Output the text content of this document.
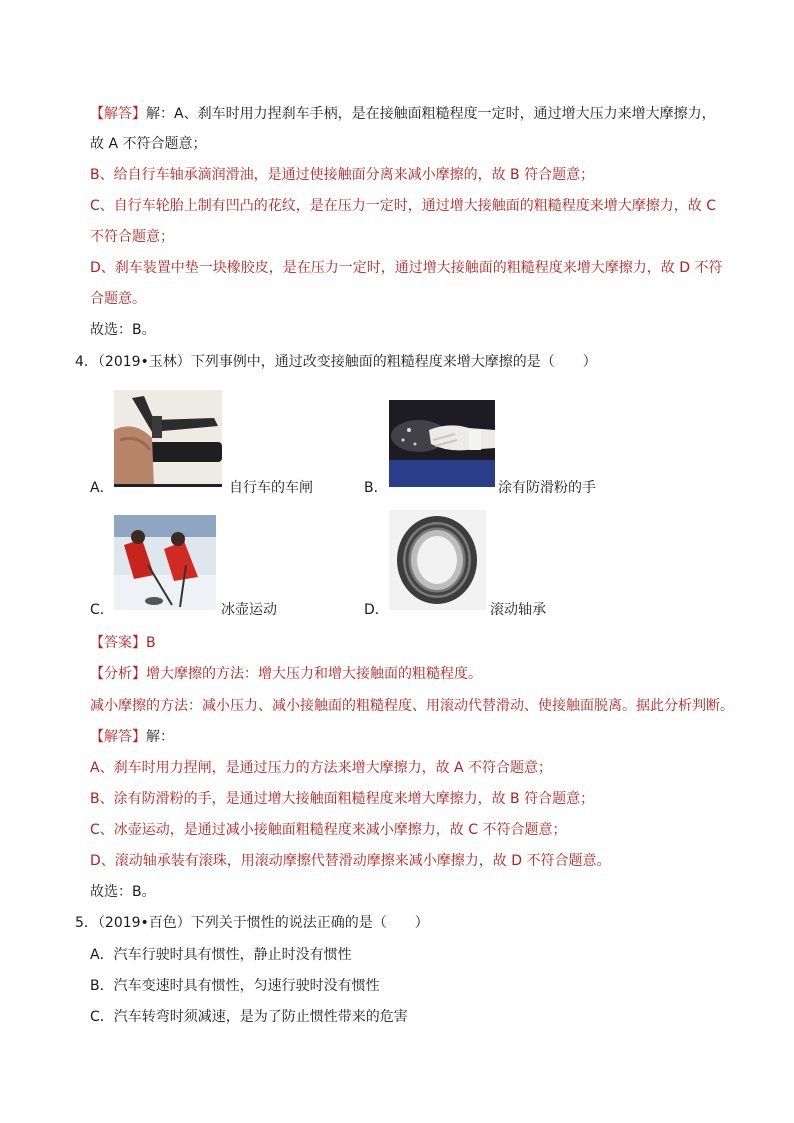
【解答】解：A、刹车时用力捏刹车手柄，是在接触面粗糙程度一定时，通过增大压力来增大摩擦力，
故 A 不符合题意；
B、给自行车轴承滴润滑油，是通过使接触面分离来减小摩擦的，故 B 符合题意；
C、自行车轮胎上制有凹凸的花纹，是在压力一定时，通过增大接触面的粗糙程度来增大摩擦力，故 C
不符合题意；
D、刹车装置中垫一块橡胶皮，是在压力一定时，通过增大接触面的粗糙程度来增大摩擦力，故 D 不符
合题意。
故选：B。
4．（2019•玉林）下列事例中，通过改变接触面的粗糙程度来增大摩擦的是（　　）
A．	自行车的车闸	B．	涂有防滑粉的手
C．	冰壶运动	D．	滚动轴承
【答案】B
【分析】增大摩擦的方法：增大压力和增大接触面的粗糙程度。
减小摩擦的方法：减小压力、减小接触面的粗糙程度、用滚动代替滑动、使接触面脱离。据此分析判断。
【解答】解：
A、刹车时用力捏闸，是通过压力的方法来增大摩擦力，故 A 不符合题意；
B、涂有防滑粉的手，是通过增大接触面粗糙程度来增大摩擦力，故 B 符合题意；
C、冰壶运动，是通过减小接触面粗糙程度来减小摩擦力，故 C 不符合题意；
D、滚动轴承装有滚珠，用滚动摩擦代替滑动摩擦来减小摩擦力，故 D 不符合题意。
故选：B。
5．（2019•百色）下列关于惯性的说法正确的是（　　）
A．汽车行驶时具有惯性，静止时没有惯性
B．汽车变速时具有惯性，匀速行驶时没有惯性
C．汽车转弯时须减速，是为了防止惯性带来的危害
